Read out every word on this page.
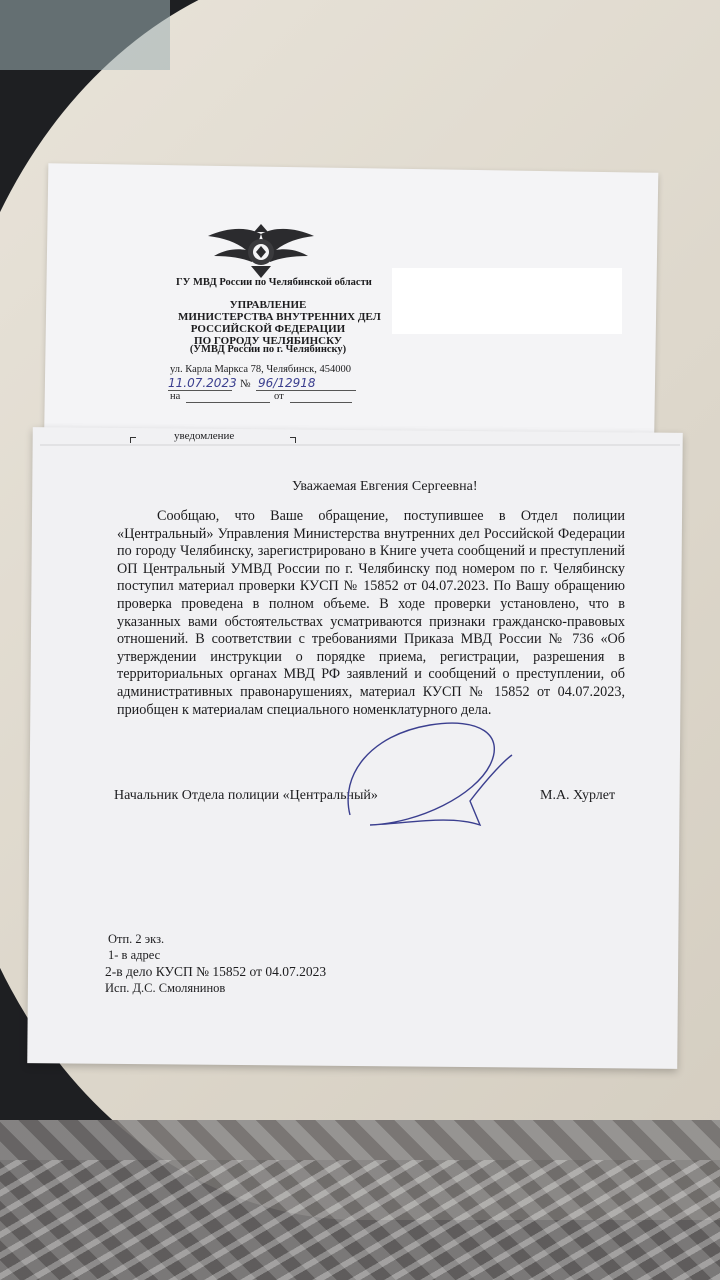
ГУ МВД России по Челябинской области
УПРАВЛЕНИЕ
МИНИСТЕРСТВА ВНУТРЕННИХ ДЕЛ
РОССИЙСКОЙ ФЕДЕРАЦИИ
ПО ГОРОДУ ЧЕЛЯБИНСКУ
(УМВД России по г. Челябинску)
ул. Карла Маркса 78, Челябинск, 454000
11.07.2023 № 96/12918
на	от
уведомление
Уважаемая Евгения Сергеевна!
Сообщаю, что Ваше обращение, поступившее в Отдел полиции «Центральный» Управления Министерства внутренних дел Российской Федерации по городу Челябинску, зарегистрировано в Книге учета сообщений и преступлений ОП Центральный УМВД России по г. Челябинску под номером по г. Челябинску поступил материал проверки КУСП № 15852 от 04.07.2023. По Вашу обращению проверка проведена в полном объеме. В ходе проверки установлено, что в указанных вами обстоятельствах усматриваются признаки гражданско-правовых отношений. В соответствии с требованиями Приказа МВД России № 736 «Об утверждении инструкции о порядке приема, регистрации, разрешения в территориальных органах МВД РФ заявлений и сообщений о преступлении, об административных правонарушениях, материал КУСП № 15852 от 04.07.2023, приобщен к материалам специального номенклатурного дела.
Начальник Отдела полиции «Центральный»	М.А. Хурлет
Отп. 2 экз.
1- в адрес
2-в дело КУСП № 15852 от 04.07.2023
Исп. Д.С. Смолянинов
